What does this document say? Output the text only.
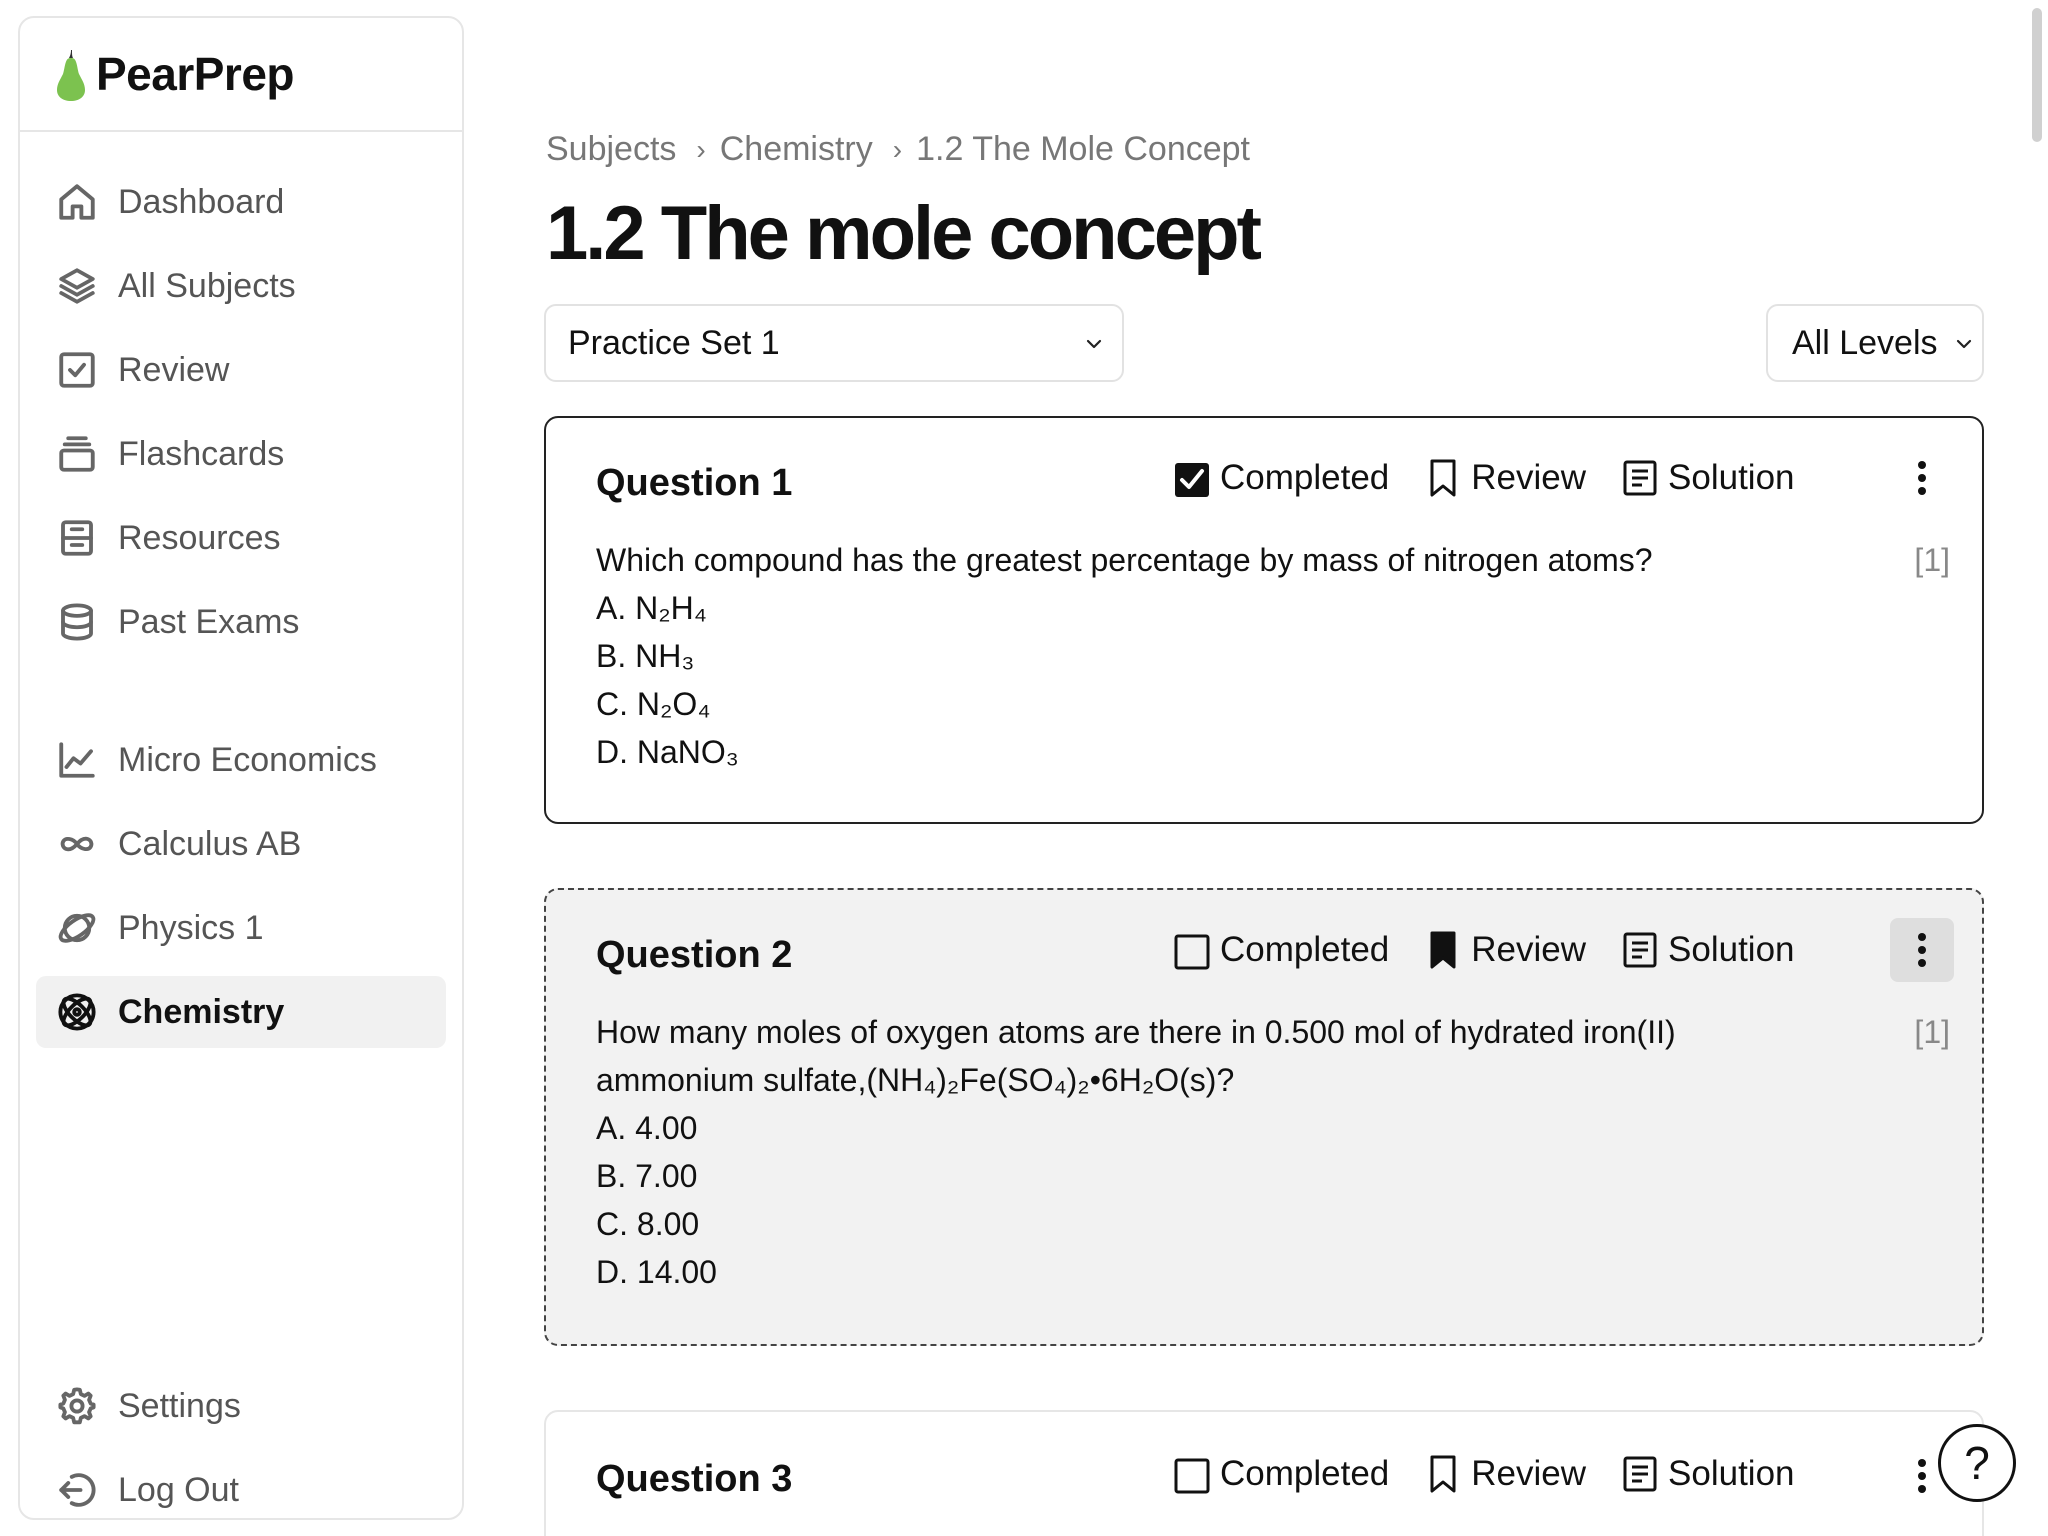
PearPrep
Dashboard
All Subjects
Review
Flashcards
Resources
Past Exams
Micro Economics
Calculus AB
Physics 1
Chemistry
Settings
Log Out
Subjects › Chemistry › 1.2 The Mole Concept
1.2 The mole concept
Practice Set 1	All Levels
Question 1	Completed Review Solution
[1]
Which compound has the greatest percentage by mass of nitrogen atoms?
A. N₂H₄
B. NH₃
C. N₂O₄
D. NaNO₃
Question 2	Completed Review Solution
[1]
How many moles of oxygen atoms are there in 0.500 mol of hydrated iron(II) ammonium sulfate,(NH₄)₂Fe(SO₄)₂•6H₂O(s)?
A. 4.00
B. 7.00
C. 8.00
D. 14.00
Question 3	Completed Review Solution	?
